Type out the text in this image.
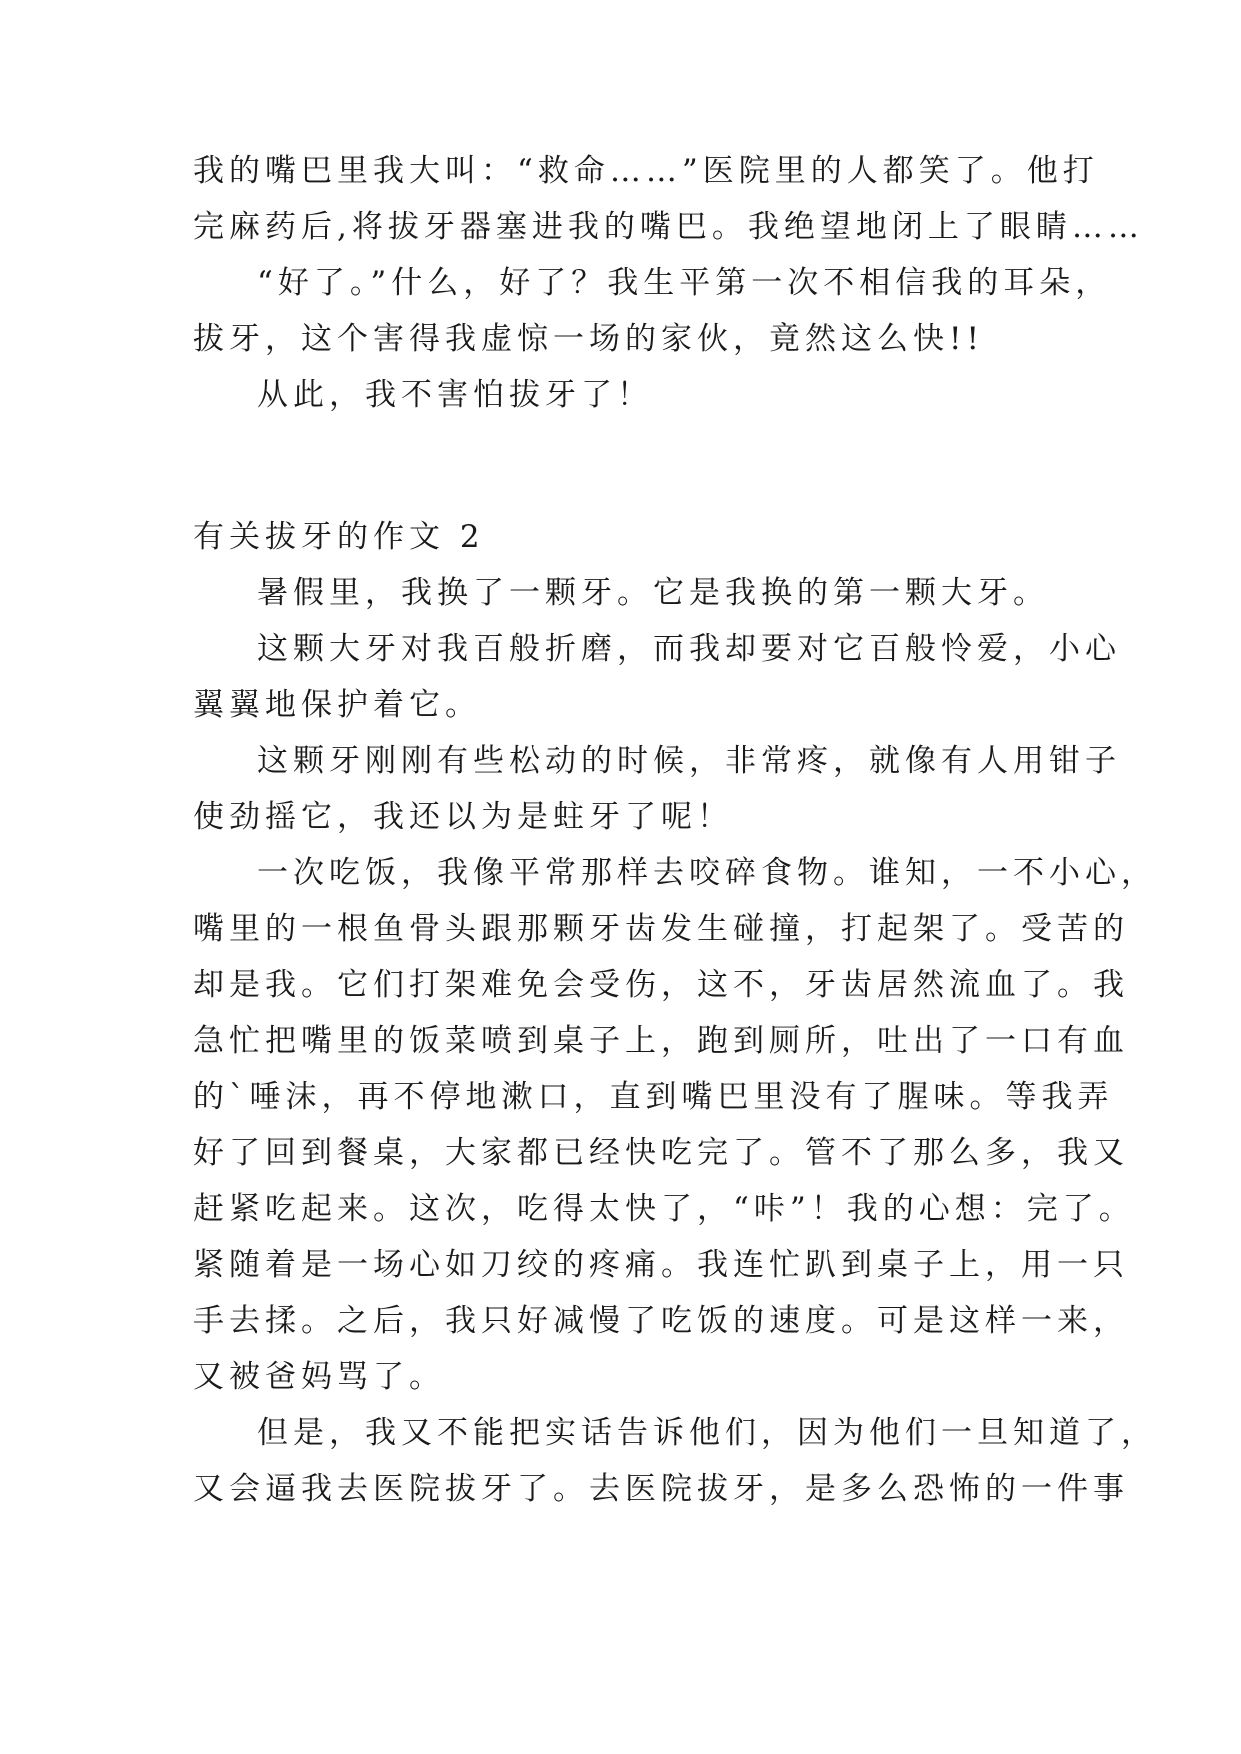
我的嘴巴里我大叫：“救命……”医院里的人都笑了。他打
完麻药后,将拔牙器塞进我的嘴巴。我绝望地闭上了眼睛……
“好了。”什么，好了？我生平第一次不相信我的耳朵，
拔牙，这个害得我虚惊一场的家伙，竟然这么快!!
从此，我不害怕拔牙了！
有关拔牙的作文 2
暑假里，我换了一颗牙。它是我换的第一颗大牙。
这颗大牙对我百般折磨，而我却要对它百般怜爱，小心
翼翼地保护着它。
这颗牙刚刚有些松动的时候，非常疼，就像有人用钳子
使劲摇它，我还以为是蛀牙了呢！
一次吃饭，我像平常那样去咬碎食物。谁知，一不小心，
嘴里的一根鱼骨头跟那颗牙齿发生碰撞，打起架了。受苦的
却是我。它们打架难免会受伤，这不，牙齿居然流血了。我
急忙把嘴里的饭菜喷到桌子上，跑到厕所，吐出了一口有血
的`唾沫，再不停地漱口，直到嘴巴里没有了腥味。等我弄
好了回到餐桌，大家都已经快吃完了。管不了那么多，我又
赶紧吃起来。这次，吃得太快了，“咔”！我的心想：完了。
紧随着是一场心如刀绞的疼痛。我连忙趴到桌子上，用一只
手去揉。之后，我只好减慢了吃饭的速度。可是这样一来，
又被爸妈骂了。
但是，我又不能把实话告诉他们，因为他们一旦知道了，
又会逼我去医院拔牙了。去医院拔牙，是多么恐怖的一件事
